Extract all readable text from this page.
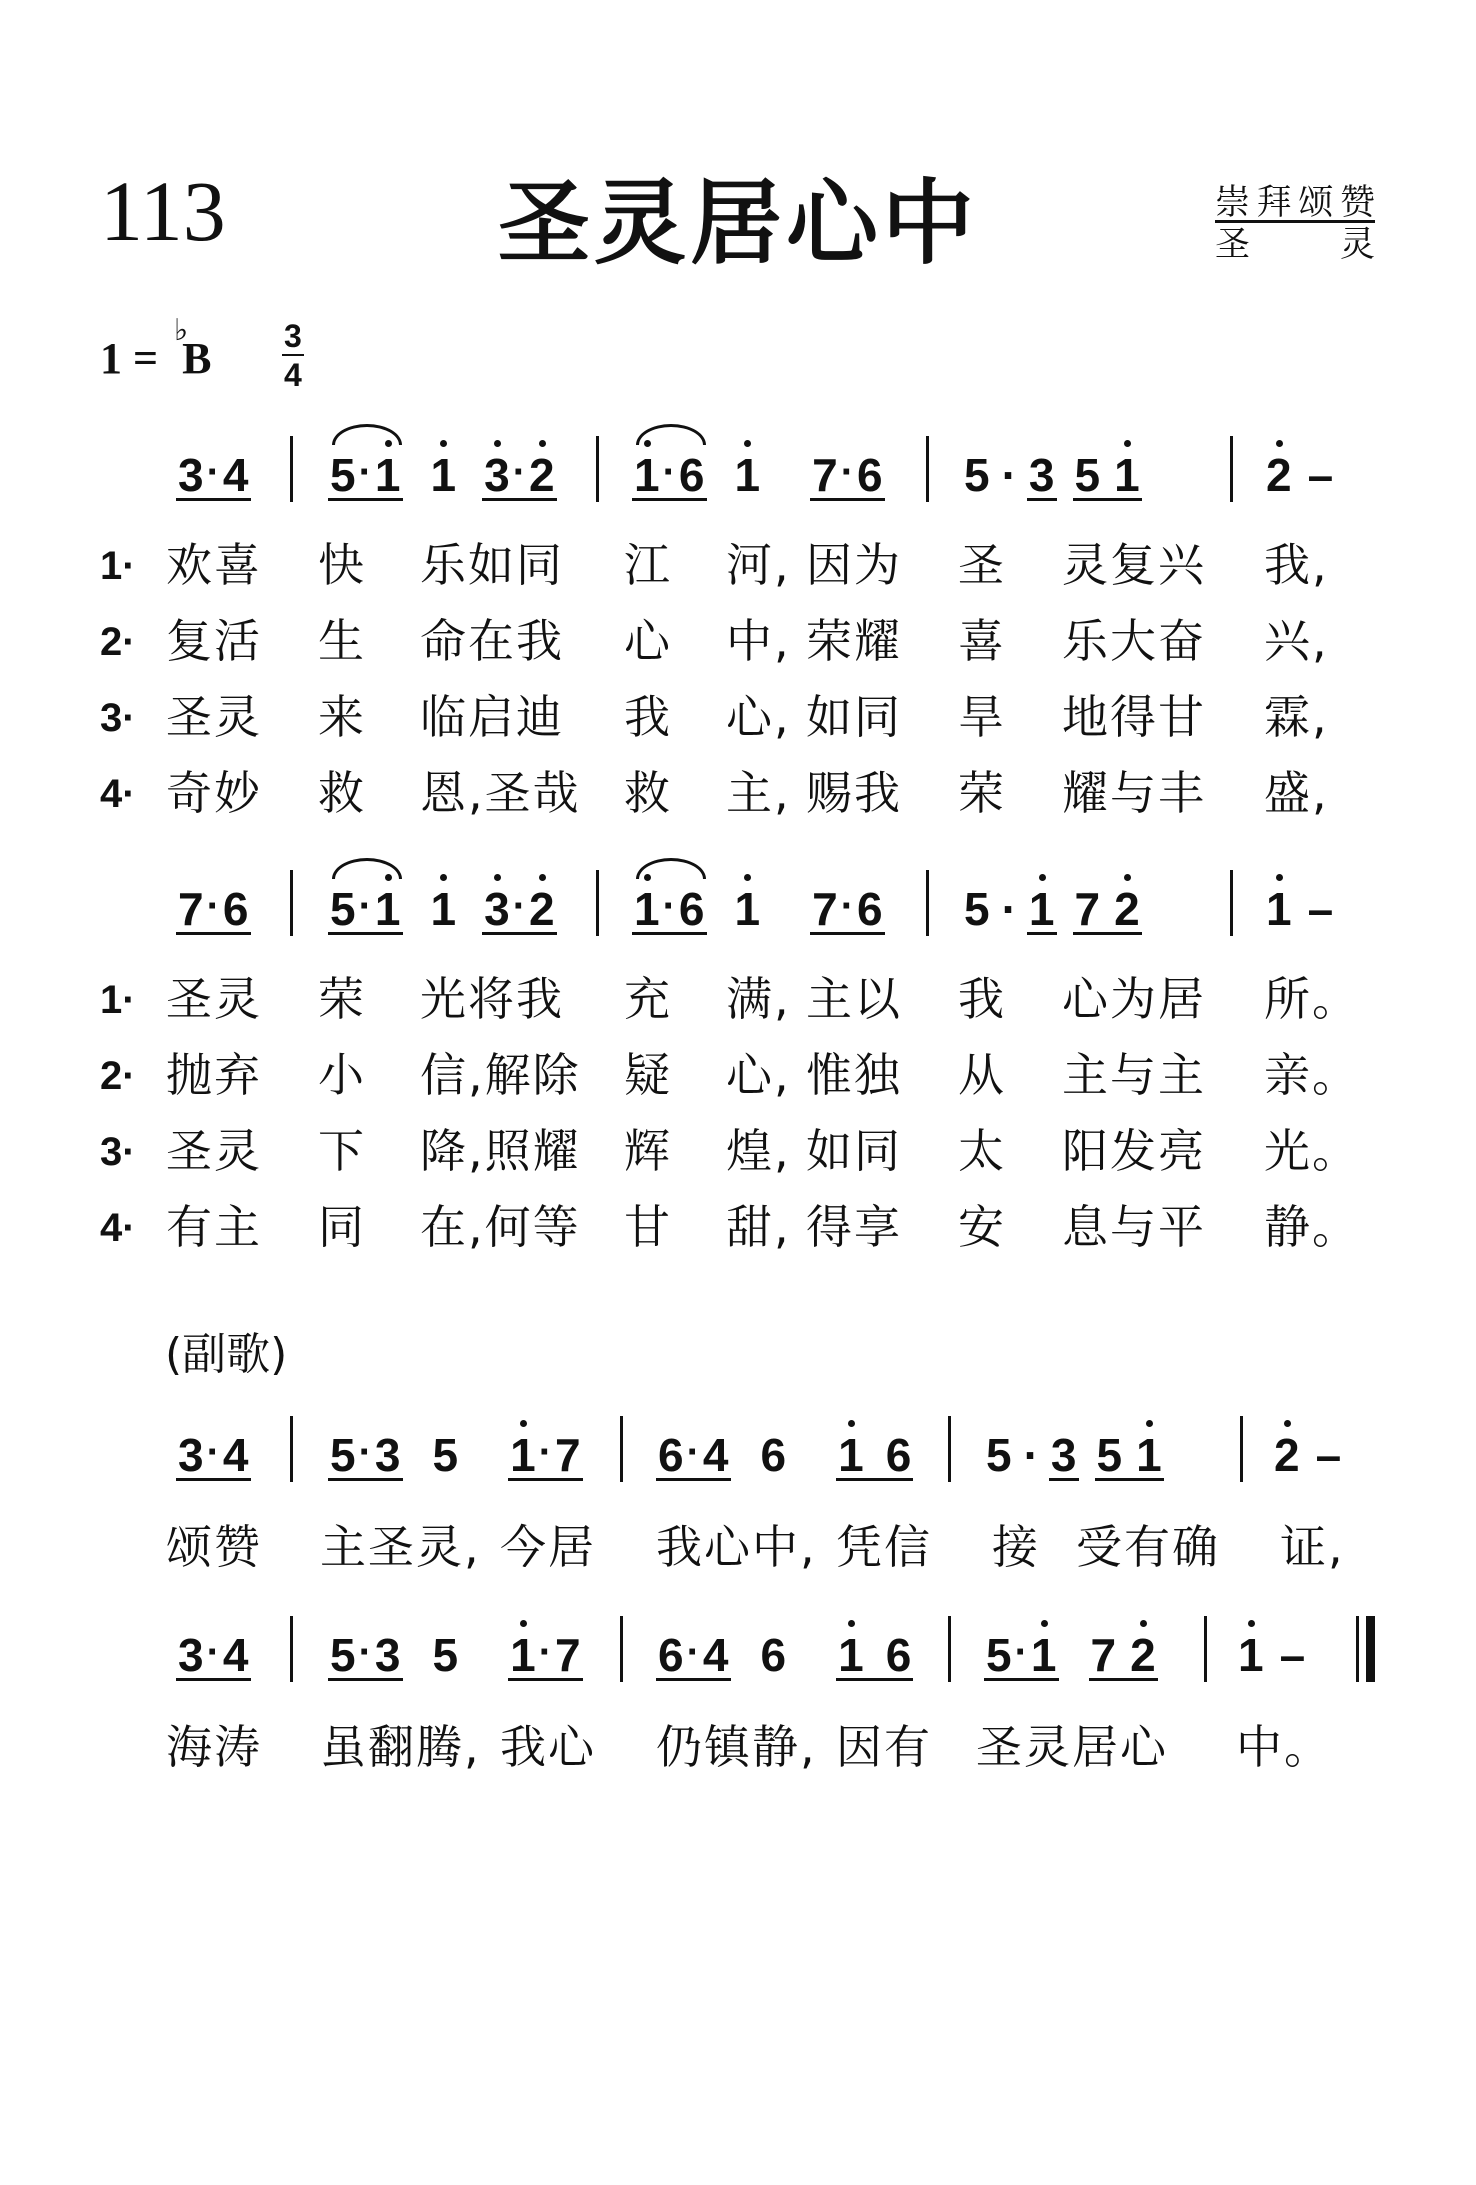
113	圣灵居心中	崇拜颂赞
圣 灵
1 =
♭
B 3
4
3 · 4 5 · 1 1 3 · 2 1 · 6 1 7 · 6 5 · 3 5 1	2 –
1· 欢喜 快 乐如同 江 河, 因为 圣 灵复兴 我,
2· 复活 生 命在我 心 中, 荣耀 喜 乐大奋 兴,
3· 圣灵 来 临启迪 我 心, 如同 旱 地得甘 霖,
4· 奇妙 救 恩,圣哉 救 主, 赐我 荣 耀与丰 盛,
7 · 6 5 · 1 1 3 · 2 1 · 6 1 7 · 6 5 · 1 7 2	1 –
1· 圣灵 荣 光将我 充 满, 主以 我 心为居 所。
2· 抛弃 小 信,解除 疑 心, 惟独 从 主与主 亲。
3· 圣灵 下 降,照耀 辉 煌, 如同 太 阳发亮 光。
4· 有主 同 在,何等 甘 甜, 得享 安 息与平 静。
(副歌)
3 · 4 5 · 3 5 1 · 7 6 · 4 6 1 6 5 · 3 5 1 2 –
颂赞 主圣灵, 今居 我心中, 凭信 接 受有确 证,
3 · 4 5 · 3 5 1 · 7 6 · 4 6 1 6 5 · 1 7 2 1 –
海涛 虽翻腾, 我心 仍镇静, 因有 圣灵居心 中。
